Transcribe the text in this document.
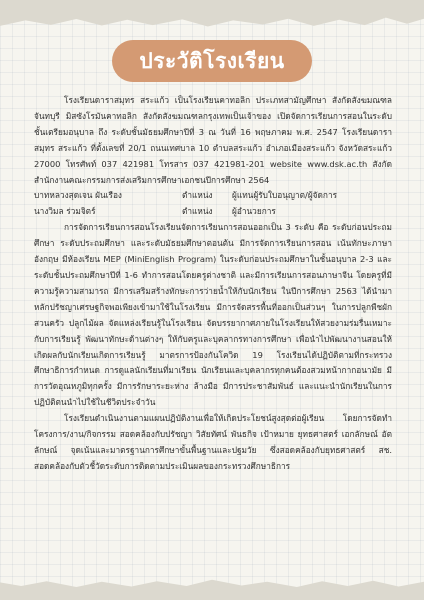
ประวัติโรงเรียน

โรงเรียนดาราสมุทร สระแก้ว เป็นโรงเรียนคาทอลิก ประเภทสามัญศึกษา สังกัดสังฆมณฑล จันทบุรี มิสซังโรมันคาทอลิก สังกัดสังฆมณฑลกรุงเทพเป็นเจ้าของ เปิดจัดการเรียนการสอนในระดับชั้นเตรียมอนุบาล ถึง ระดับชั้นมัธยมศึกษาปีที่ 3 ณ วันที่ 16 พฤษภาคม พ.ศ. 2547 โรงเรียนดาราสมุทร สระแก้ว ที่ตั้งเลขที่ 20/1 ถนนเทศบาล 10 ตำบลสระแก้ว อำเภอเมืองสระแก้ว จังหวัดสระแก้ว 27000 โทรศัพท์ 037 421981 โทรสาร 037 421981-201 website www.dsk.ac.th สังกัดสำนักงานคณะกรรมการส่งเสริมการศึกษาเอกชนปีการศึกษา 2564

บาทหลวงสุดเจน ผันเรือง	ตำแหน่ง	ผู้แทนผู้รับใบอนุญาต/ผู้จัดการ
นางวิมล ร่วมจิตร์	ตำแหน่ง	ผู้อำนวยการ

การจัดการเรียนการสอนโรงเรียนจัดการเรียนการสอนออกเป็น 3 ระดับ คือ ระดับก่อนประถมศึกษา ระดับประถมศึกษา และระดับมัธยมศึกษาตอนต้น มีการจัดการเรียนการสอน เน้นทักษะภาษาอังกฤษ มีห้องเรียน MEP (MiniEnglish Program) ในระดับก่อนประถมศึกษาในชั้นอนุบาล 2-3 และระดับชั้นประถมศึกษาปีที่ 1-6 ทำการสอนโดยครูต่างชาติ และมีการเรียนการสอนภาษาจีน โดยครูที่มีความรู้ความสามารถ มีการเสริมสร้างทักษะการว่ายน้ำให้กับนักเรียน ในปีการศึกษา 2563 ได้นำมาหลักปรัชญาเศรษฐกิจพอเพียงเข้ามาใช้ในโรงเรียน มีการจัดสรรพื้นที่ออกเป็นส่วนๆ ในการปลูกพืชผักสวนครัว ปลูกไม้ผล จัดแหล่งเรียนรู้ในโรงเรียน จัดบรรยากาศภายในโรงเรียนให้สวยงามร่มรื่นเหมาะกับการเรียนรู้ พัฒนาทักษะด้านต่างๆ ให้กับครูและบุคลากรทางการศึกษา เพื่อนำไปพัฒนางานสอนให้เกิดผลกับนักเรียนเกิดการเรียนรู้ มาตรการป้องกันโควิด 19 โรงเรียนได้ปฏิบัติตามที่กระทรวงศึกษาธิการกำหนด การดูแลนักเรียนที่มาเรียน นักเรียนและบุคลากรทุกคนต้องสวมหน้ากากอนามัย มีการวัดอุณหภูมิทุกครั้ง มีการรักษาระยะห่าง ล้างมือ มีการประชาสัมพันธ์ และแนะนำนักเรียนในการปฏิบัติตนนำไปใช้ในชีวิตประจำวัน

โรงเรียนดำเนินงานตามแผนปฏิบัติงานเพื่อให้เกิดประโยชน์สูงสุดต่อผู้เรียน โดยการจัดทำโครงการ/งาน/กิจกรรม สอดคล้องกับปรัชญา วิสัยทัศน์ พันธกิจ เป้าหมาย ยุทธศาสตร์ เอกลักษณ์ อัตลักษณ์ จุดเน้นและมาตรฐานการศึกษาขั้นพื้นฐานและปฐมวัย ซึ่งสอดคล้องกับยุทธศาสตร์ สช. สอดคล้องกับตัวชี้วัดระดับการติดตามประเมินผลของกระทรวงศึกษาธิการ
